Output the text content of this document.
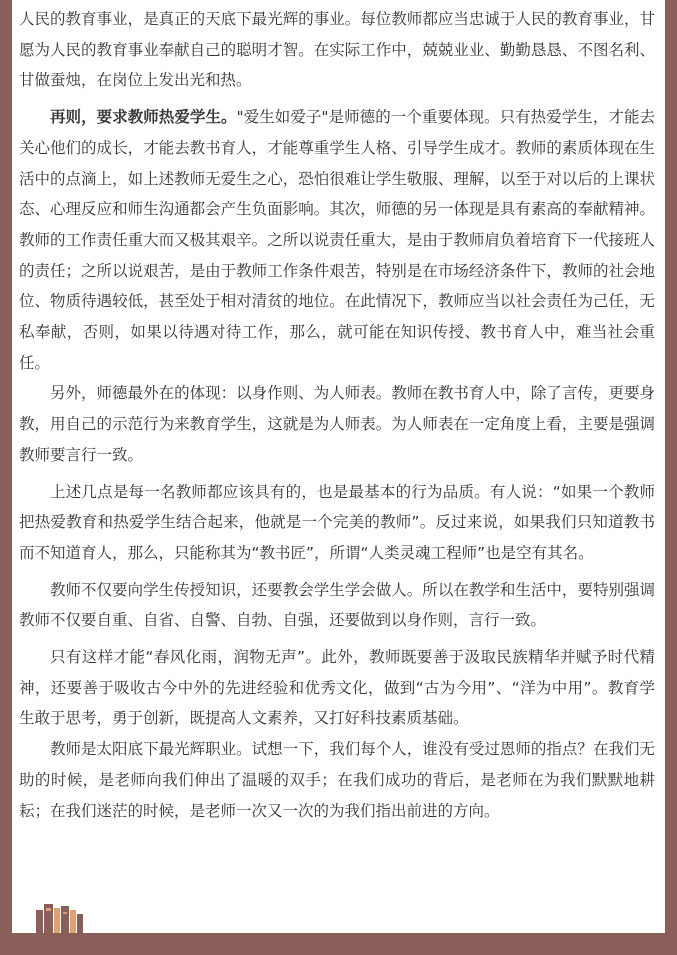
人民的教育事业，是真正的天底下最光辉的事业。每位教师都应当忠诚于人民的教育事业，甘愿为人民的教育事业奉献自己的聪明才智。在实际工作中，兢兢业业、勤勤恳恳、不图名利、甘做蚕烛，在岗位上发出光和热。

再则，要求教师热爱学生。"爱生如爱子"是师德的一个重要体现。只有热爱学生，才能去关心他们的成长，才能去教书育人，才能尊重学生人格、引导学生成才。教师的素质体现在生活中的点滴上，如上述教师无爱生之心，恐怕很难让学生敬服、理解，以至于对以后的上课状态、心理反应和师生沟通都会产生负面影响。其次，师德的另一体现是具有素高的奉献精神。教师的工作责任重大而又极其艰辛。之所以说责任重大，是由于教师肩负着培育下一代接班人的责任；之所以说艰苦，是由于教师工作条件艰苦，特别是在市场经济条件下，教师的社会地位、物质待遇较低，甚至处于相对清贫的地位。在此情况下，教师应当以社会责任为己任，无私奉献，否则，如果以待遇对待工作，那么，就可能在知识传授、教书育人中，难当社会重任。

另外，师德最外在的体现：以身作则、为人师表。教师在教书育人中，除了言传，更要身教，用自己的示范行为来教育学生，这就是为人师表。为人师表在一定角度上看，主要是强调教师要言行一致。

上述几点是每一名教师都应该具有的，也是最基本的行为品质。有人说：“如果一个教师把热爱教育和热爱学生结合起来，他就是一个完美的教师”。反过来说，如果我们只知道教书而不知道育人，那么，只能称其为“教书匠”，所谓“人类灵魂工程师”也是空有其名。

教师不仅要向学生传授知识，还要教会学生学会做人。所以在教学和生活中，要特别强调教师不仅要自重、自省、自警、自勃、自强，还要做到以身作则，言行一致。

只有这样才能“春风化雨，润物无声”。此外，教师既要善于汲取民族精华并赋予时代精神，还要善于吸收古今中外的先进经验和优秀文化，做到“古为今用”、“洋为中用”。教育学生敢于思考，勇于创新，既提高人文素养，又打好科技素质基础。

教师是太阳底下最光辉职业。试想一下，我们每个人，谁没有受过恩师的指点？在我们无助的时候，是老师向我们伸出了温暖的双手；在我们成功的背后，是老师在为我们默默地耕耘；在我们迷茫的时候，是老师一次又一次的为我们指出前进的方向。
